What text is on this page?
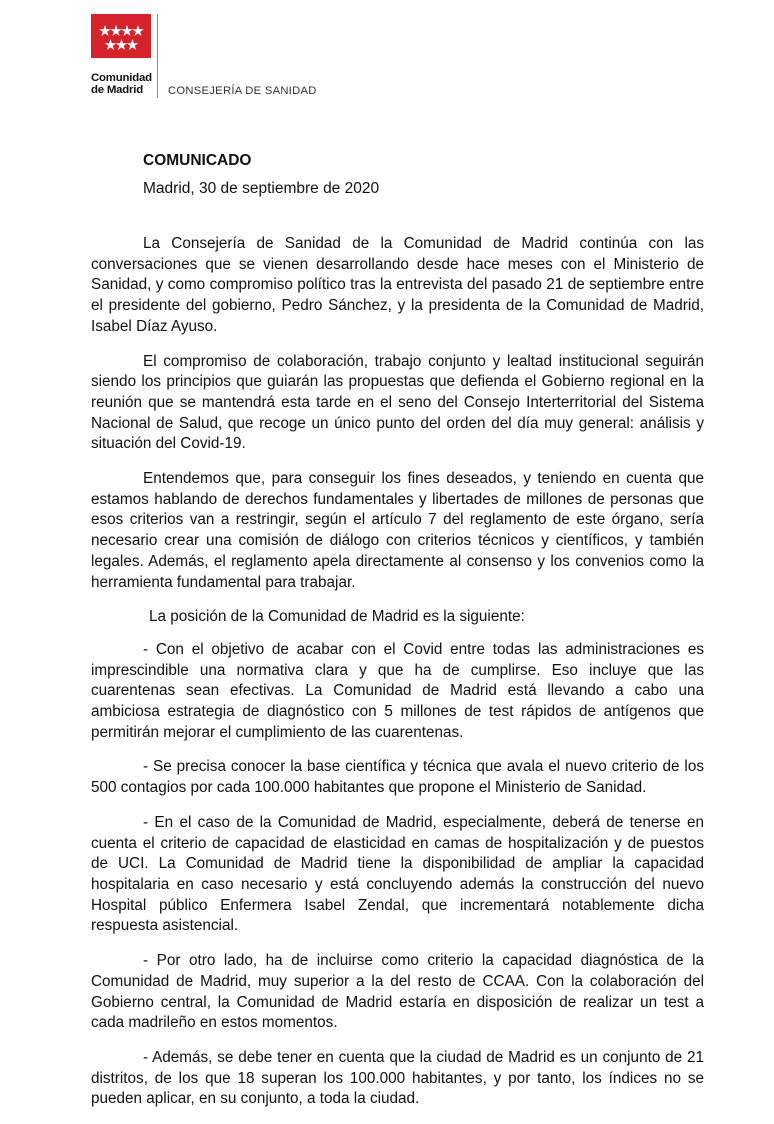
Comunidad
de Madrid	CONSEJERÍA DE SANIDAD
COMUNICADO
Madrid, 30 de septiembre de 2020

La Consejería de Sanidad de la Comunidad de Madrid continúa con las conversaciones que se vienen desarrollando desde hace meses con el Ministerio de Sanidad, y como compromiso político tras la entrevista del pasado 21 de septiembre entre el presidente del gobierno, Pedro Sánchez, y la presidenta de la Comunidad de Madrid, Isabel Díaz Ayuso.

El compromiso de colaboración, trabajo conjunto y lealtad institucional seguirán siendo los principios que guiarán las propuestas que defienda el Gobierno regional en la reunión que se mantendrá esta tarde en el seno del Consejo Interterritorial del Sistema Nacional de Salud, que recoge un único punto del orden del día muy general: análisis y situación del Covid-19.

Entendemos que, para conseguir los fines deseados, y teniendo en cuenta que estamos hablando de derechos fundamentales y libertades de millones de personas que esos criterios van a restringir, según el artículo 7 del reglamento de este órgano, sería necesario crear una comisión de diálogo con criterios técnicos y científicos, y también legales. Además, el reglamento apela directamente al consenso y los convenios como la herramienta fundamental para trabajar.

La posición de la Comunidad de Madrid es la siguiente:

- Con el objetivo de acabar con el Covid entre todas las administraciones es imprescindible una normativa clara y que ha de cumplirse. Eso incluye que las cuarentenas sean efectivas. La Comunidad de Madrid está llevando a cabo una ambiciosa estrategia de diagnóstico con 5 millones de test rápidos de antígenos que permitirán mejorar el cumplimiento de las cuarentenas.

- Se precisa conocer la base científica y técnica que avala el nuevo criterio de los 500 contagios por cada 100.000 habitantes que propone el Ministerio de Sanidad.

- En el caso de la Comunidad de Madrid, especialmente, deberá de tenerse en cuenta el criterio de capacidad de elasticidad en camas de hospitalización y de puestos de UCI. La Comunidad de Madrid tiene la disponibilidad de ampliar la capacidad hospitalaria en caso necesario y está concluyendo además la construcción del nuevo Hospital público Enfermera Isabel Zendal, que incrementará notablemente dicha respuesta asistencial.

- Por otro lado, ha de incluirse como criterio la capacidad diagnóstica de la Comunidad de Madrid, muy superior a la del resto de CCAA. Con la colaboración del Gobierno central, la Comunidad de Madrid estaría en disposición de realizar un test a cada madrileño en estos momentos.

- Además, se debe tener en cuenta que la ciudad de Madrid es un conjunto de 21 distritos, de los que 18 superan los 100.000 habitantes, y por tanto, los índices no se pueden aplicar, en su conjunto, a toda la ciudad.
